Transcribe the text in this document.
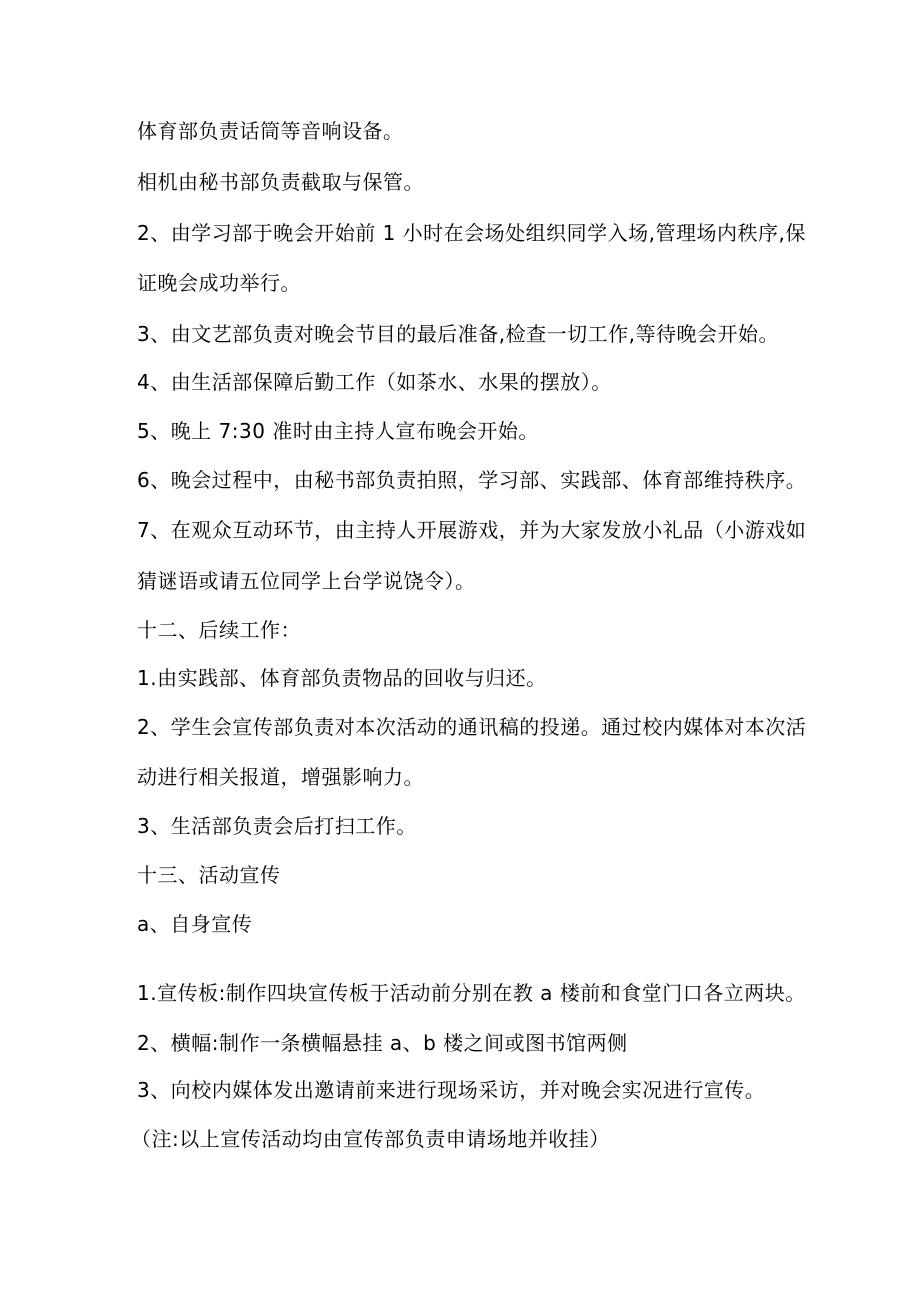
体育部负责话筒等音响设备。
相机由秘书部负责截取与保管。
2、由学习部于晚会开始前 1 小时在会场处组织同学入场,管理场内秩序,保
证晚会成功举行。
3、由文艺部负责对晚会节目的最后准备,检查一切工作,等待晚会开始。
4、由生活部保障后勤工作（如茶水、水果的摆放）。
5、晚上 7:30 准时由主持人宣布晚会开始。
6、晚会过程中，由秘书部负责拍照，学习部、实践部、体育部维持秩序。
7、在观众互动环节，由主持人开展游戏，并为大家发放小礼品（小游戏如
猜谜语或请五位同学上台学说饶令）。
十二、后续工作：
1.由实践部、体育部负责物品的回收与归还。
2、学生会宣传部负责对本次活动的通讯稿的投递。通过校内媒体对本次活
动进行相关报道，增强影响力。
3、生活部负责会后打扫工作。
十三、活动宣传
a、自身宣传
1.宣传板:制作四块宣传板于活动前分别在教 a 楼前和食堂门口各立两块。
2、横幅:制作一条横幅悬挂 a、b 楼之间或图书馆两侧
3、向校内媒体发出邀请前来进行现场采访，并对晚会实况进行宣传。
（注:以上宣传活动均由宣传部负责申请场地并收挂）
